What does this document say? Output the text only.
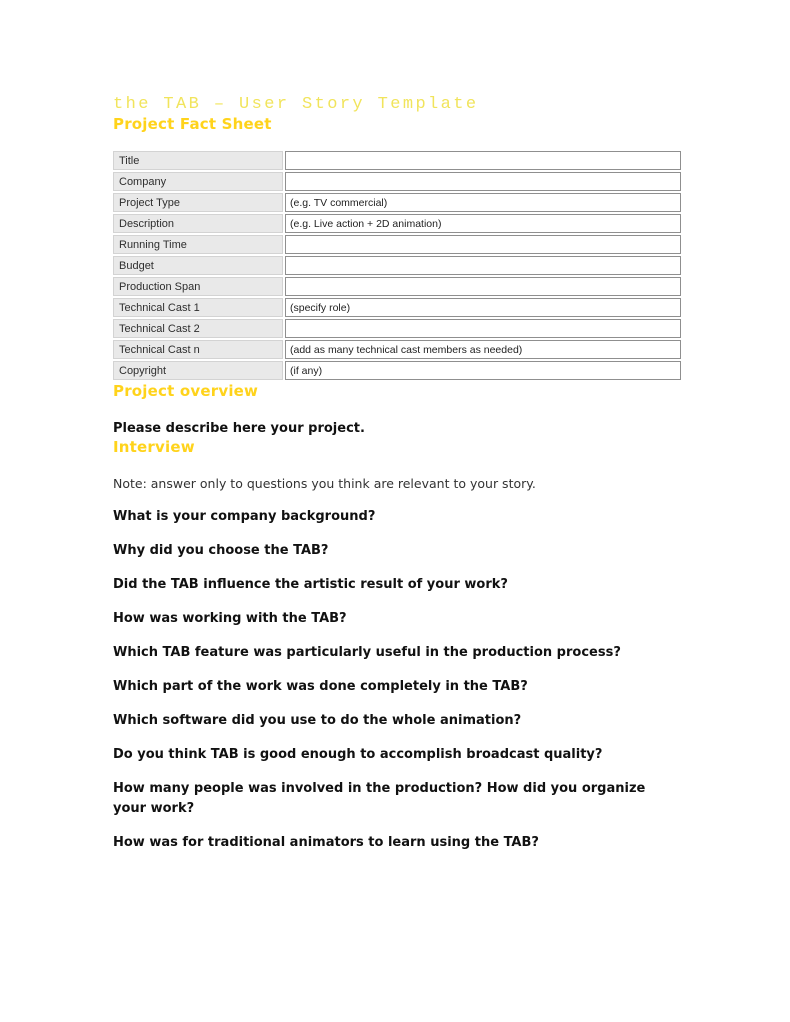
the TAB – User Story Template
Project Fact Sheet
Title
Company
Project Type	(e.g. TV commercial)
Description	(e.g. Live action + 2D animation)
Running Time
Budget
Production Span
Technical Cast 1	(specify role)
Technical Cast 2
Technical Cast n	(add as many technical cast members as needed)
Copyright	(if any)
Project overview

Please describe here your project.

Interview

Note: answer only to questions you think are relevant to your story.

What is your company background?

Why did you choose the TAB?

Did the TAB influence the artistic result of your work?

How was working with the TAB?

Which TAB feature was particularly useful in the production process?

Which part of the work was done completely in the TAB?

Which software did you use to do the whole animation?

Do you think TAB is good enough to accomplish broadcast quality?

How many people was involved in the production? How did you organize your work?

How was for traditional animators to learn using the TAB?
